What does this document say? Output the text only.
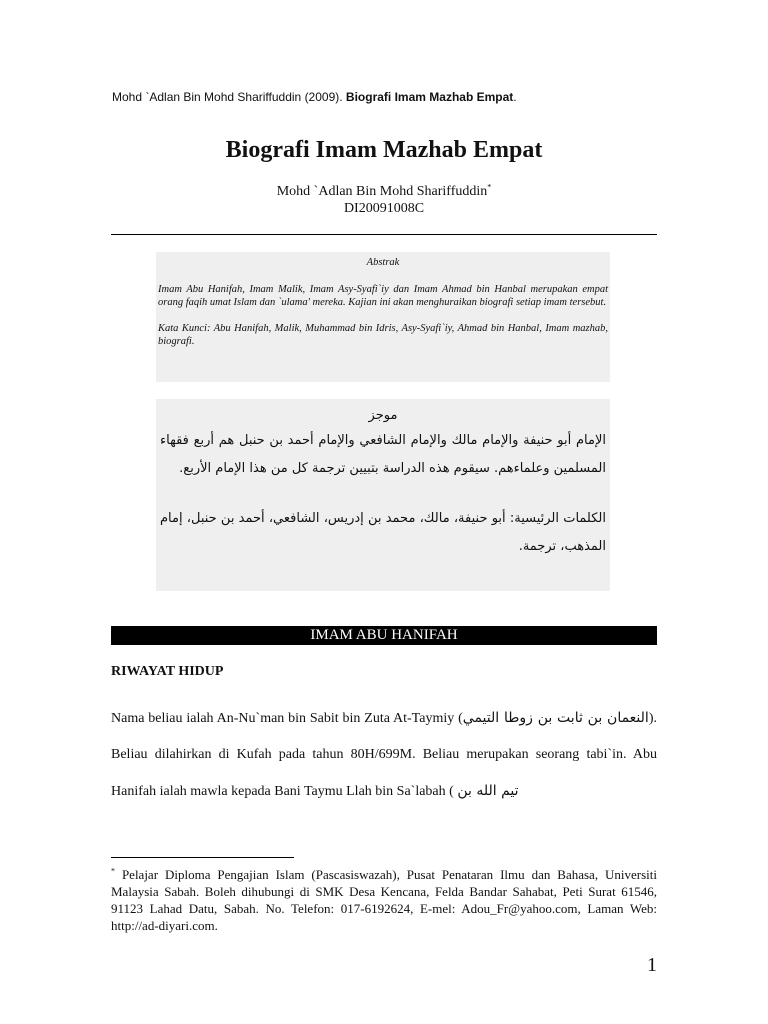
Mohd `Adlan Bin Mohd Shariffuddin (2009). Biografi Imam Mazhab Empat.
Biografi Imam Mazhab Empat
Mohd `Adlan Bin Mohd Shariffuddin*
DI20091008C
Abstrak

Imam Abu Hanifah, Imam Malik, Imam Asy-Syafi`iy dan Imam Ahmad bin Hanbal merupakan empat orang faqih umat Islam dan `ulama' mereka. Kajian ini akan menghuraikan biografi setiap imam tersebut.

Kata Kunci: Abu Hanifah, Malik, Muhammad bin Idris, Asy-Syafi`iy, Ahmad bin Hanbal, Imam mazhab, biografi.

موجز

الإمام أبو حنيفة والإمام مالك والإمام الشافعي والإمام أحمد بن حنبل هم أربع فقهاء المسلمين وعلماءهم. سيقوم هذه الدراسة بتبيين ترجمة كل من هذا الإمام الأربع.

الكلمات الرئيسية: أبو حنيفة، مالك، محمد بن إدريس، الشافعي، أحمد بن حنبل، إمام المذهب، ترجمة.

IMAM ABU HANIFAH
RIWAYAT HIDUP
Nama beliau ialah An-Nu`man bin Sabit bin Zuta At-Taymiy (النعمان بن ثابت بن زوطا التيمي). Beliau dilahirkan di Kufah pada tahun 80H/699M. Beliau merupakan seorang tabi`in. Abu Hanifah ialah mawla kepada Bani Taymu Llah bin Sa`labah ( تيم الله بن
* Pelajar Diploma Pengajian Islam (Pascasiswazah), Pusat Penataran Ilmu dan Bahasa, Universiti Malaysia Sabah. Boleh dihubungi di SMK Desa Kencana, Felda Bandar Sahabat, Peti Surat 61546, 91123 Lahad Datu, Sabah. No. Telefon: 017-6192624, E-mel: Adou_Fr@yahoo.com, Laman Web: http://ad-diyari.com.
1
